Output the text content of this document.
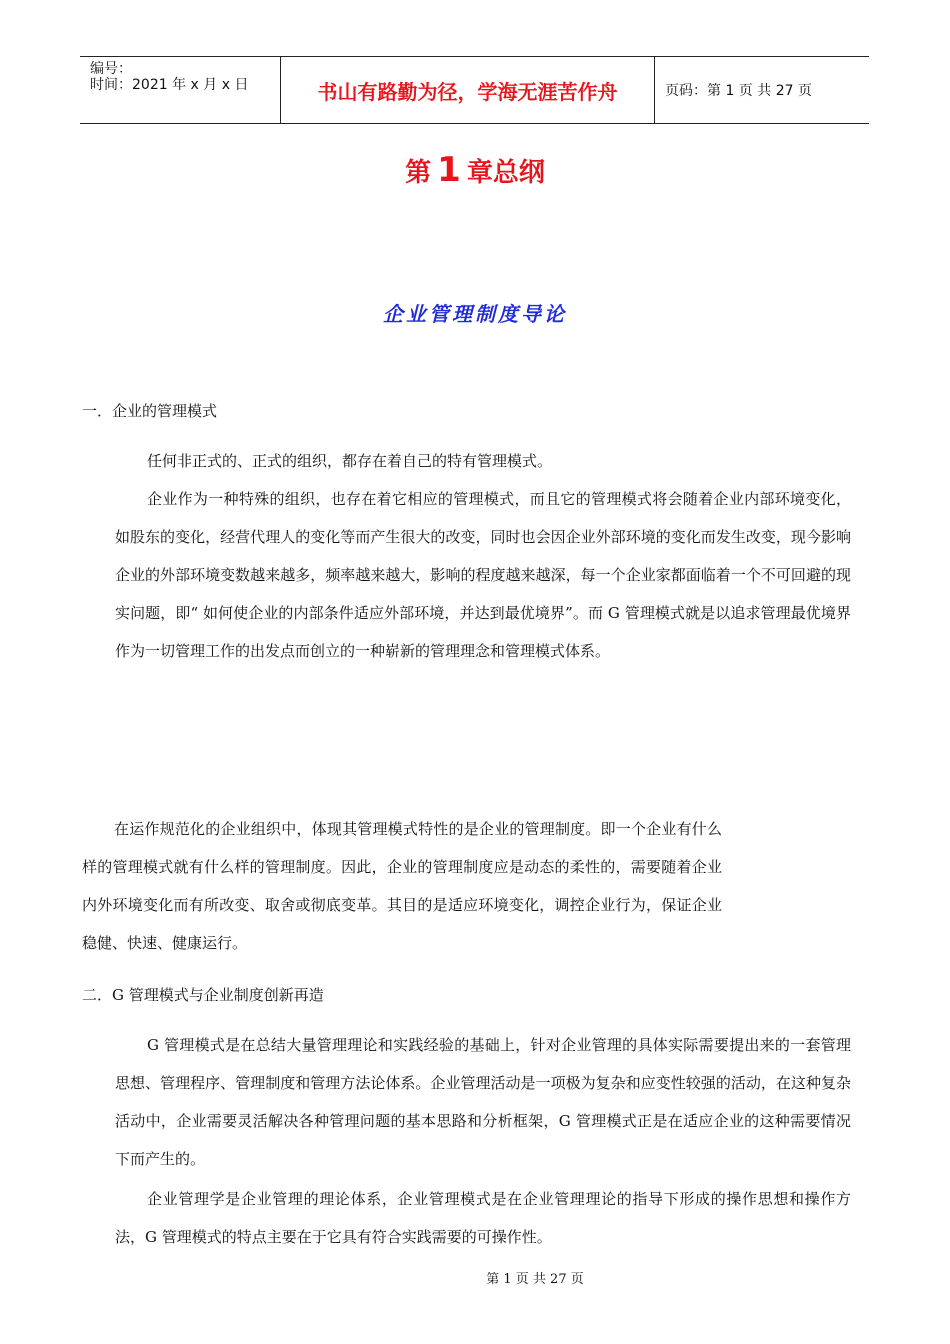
编号：
时间：2021 年 x 月 x 日	书山有路勤为径，学海无涯苦作舟	页码：第 1 页 共 27 页
第 1 章总纲
企业管理制度导论
一．企业的管理模式
任何非正式的、正式的组织，都存在着自己的特有管理模式。
企业作为一种特殊的组织，也存在着它相应的管理模式，而且它的管理模式将会随着企业内部环境变化，如股东的变化，经营代理人的变化等而产生很大的改变，同时也会因企业外部环境的变化而发生改变，现今影响企业的外部环境变数越来越多，频率越来越大，影响的程度越来越深，每一个企业家都面临着一个不可回避的现实问题，即“ 如何使企业的内部条件适应外部环境，并达到最优境界”。而 G 管理模式就是以追求管理最优境界作为一切管理工作的出发点而创立的一种崭新的管理理念和管理模式体系。
在运作规范化的企业组织中，体现其管理模式特性的是企业的管理制度。即一个企业有什么样的管理模式就有什么样的管理制度。因此，企业的管理制度应是动态的柔性的，需要随着企业内外环境变化而有所改变、取舍或彻底变革。其目的是适应环境变化，调控企业行为，保证企业稳健、快速、健康运行。
二．G 管理模式与企业制度创新再造
G 管理模式是在总结大量管理理论和实践经验的基础上，针对企业管理的具体实际需要提出来的一套管理思想、管理程序、管理制度和管理方法论体系。企业管理活动是一项极为复杂和应变性较强的活动，在这种复杂活动中，企业需要灵活解决各种管理问题的基本思路和分析框架，G 管理模式正是在适应企业的这种需要情况下而产生的。
企业管理学是企业管理的理论体系，企业管理模式是在企业管理理论的指导下形成的操作思想和操作方法，G 管理模式的特点主要在于它具有符合实践需要的可操作性。
第 1 页 共 27 页
